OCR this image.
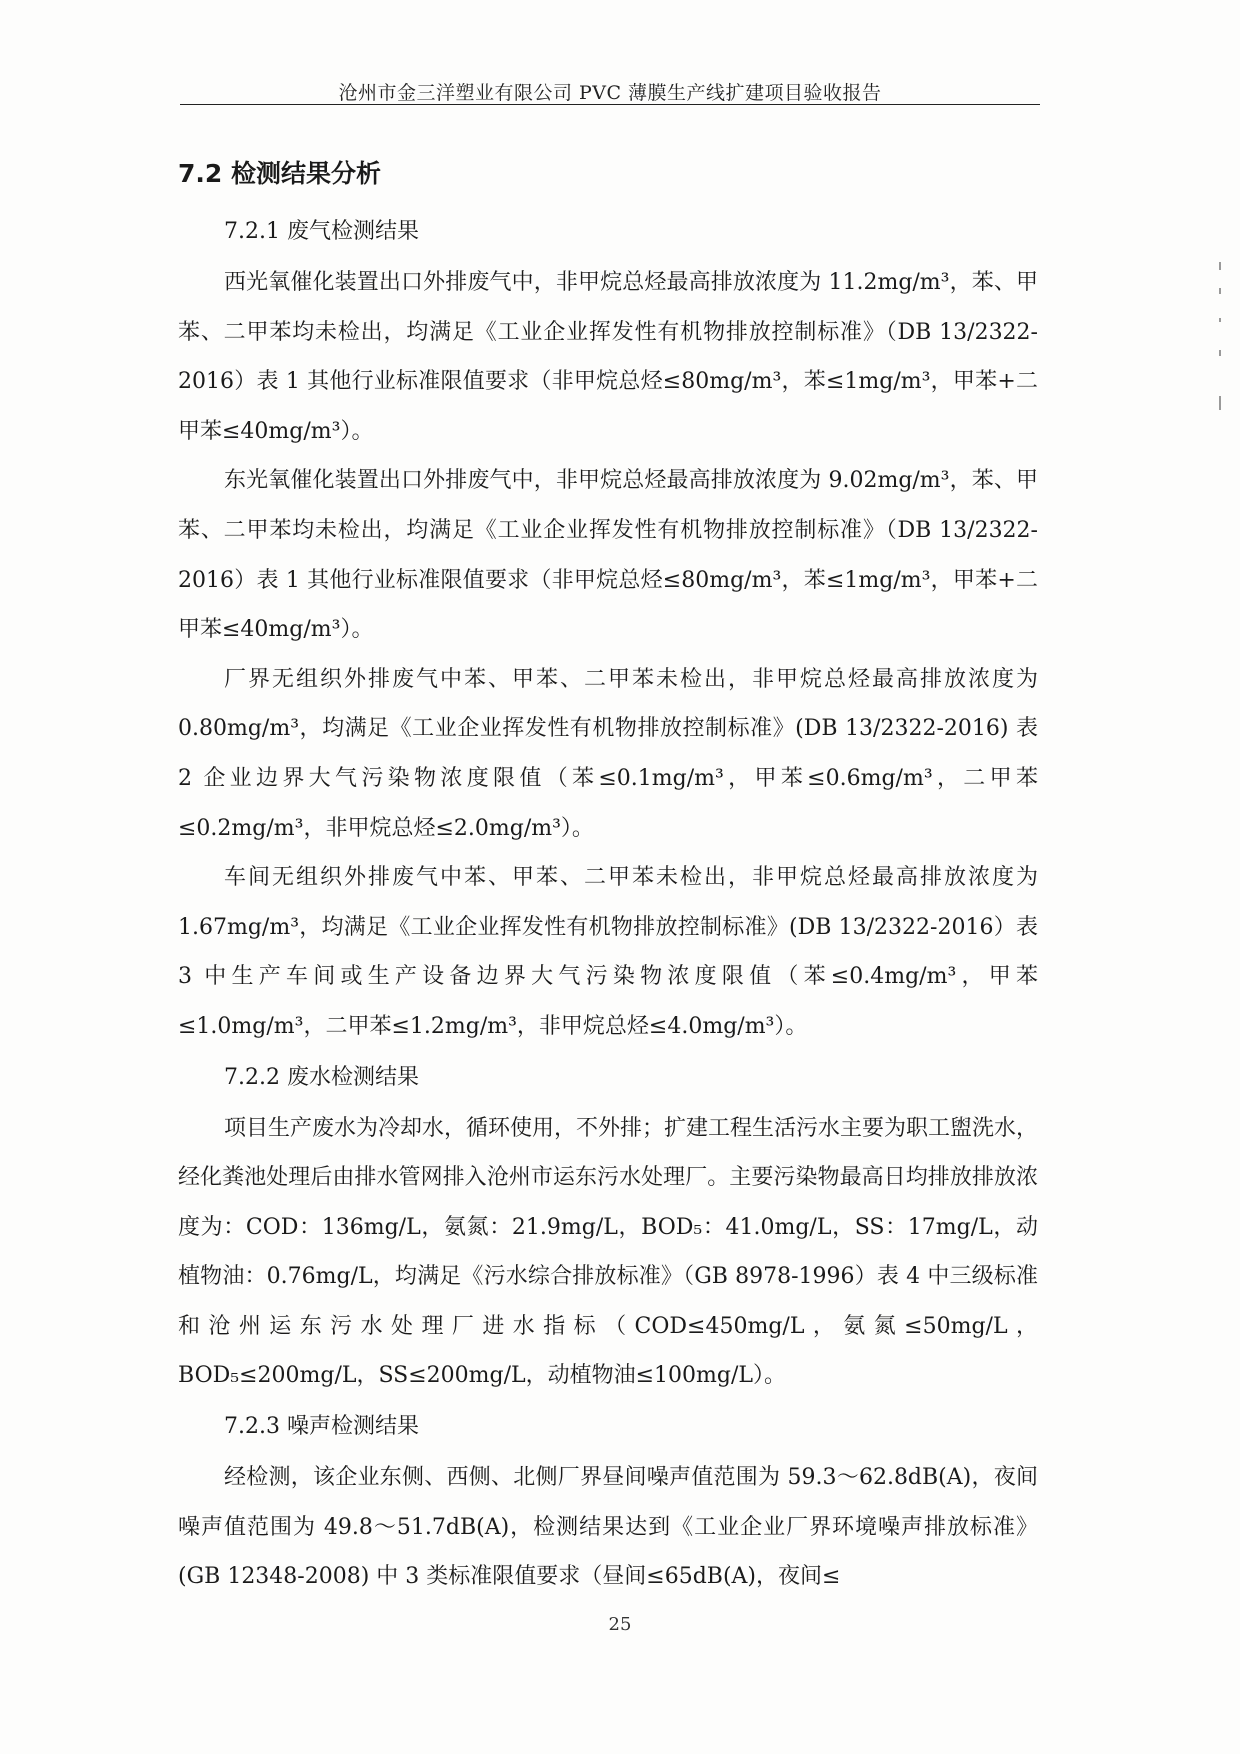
沧州市金三洋塑业有限公司 PVC 薄膜生产线扩建项目验收报告
7.2 检测结果分析
7.2.1 废气检测结果

西光氧催化装置出口外排废气中，非甲烷总烃最高排放浓度为 11.2mg/m³，苯、甲苯、二甲苯均未检出，均满足《工业企业挥发性有机物排放控制标准》（DB 13/2322-2016）表 1 其他行业标准限值要求（非甲烷总烃≤80mg/m³，苯≤1mg/m³，甲苯+二甲苯≤40mg/m³）。

东光氧催化装置出口外排废气中，非甲烷总烃最高排放浓度为 9.02mg/m³，苯、甲苯、二甲苯均未检出，均满足《工业企业挥发性有机物排放控制标准》（DB 13/2322-2016）表 1 其他行业标准限值要求（非甲烷总烃≤80mg/m³，苯≤1mg/m³，甲苯+二甲苯≤40mg/m³）。

厂界无组织外排废气中苯、甲苯、二甲苯未检出，非甲烷总烃最高排放浓度为 0.80mg/m³，均满足《工业企业挥发性有机物排放控制标准》(DB 13/2322-2016) 表 2 企业边界大气污染物浓度限值（苯≤0.1mg/m³，甲苯≤0.6mg/m³，二甲苯≤0.2mg/m³，非甲烷总烃≤2.0mg/m³）。

车间无组织外排废气中苯、甲苯、二甲苯未检出，非甲烷总烃最高排放浓度为 1.67mg/m³，均满足《工业企业挥发性有机物排放控制标准》(DB 13/2322-2016）表 3 中生产车间或生产设备边界大气污染物浓度限值（苯≤0.4mg/m³，甲苯≤1.0mg/m³，二甲苯≤1.2mg/m³，非甲烷总烃≤4.0mg/m³）。

7.2.2 废水检测结果

项目生产废水为冷却水，循环使用，不外排；扩建工程生活污水主要为职工盥洗水，经化粪池处理后由排水管网排入沧州市运东污水处理厂。主要污染物最高日均排放排放浓度为：COD：136mg/L，氨氮：21.9mg/L，BOD₅：41.0mg/L，SS：17mg/L，动植物油：0.76mg/L，均满足《污水综合排放标准》（GB 8978-1996）表 4 中三级标准和沧州运东污水处理厂进水指标（COD≤450mg/L，氨氮≤50mg/L，BOD₅≤200mg/L，SS≤200mg/L，动植物油≤100mg/L）。

7.2.3 噪声检测结果

经检测，该企业东侧、西侧、北侧厂界昼间噪声值范围为 59.3～62.8dB(A)，夜间噪声值范围为 49.8～51.7dB(A)，检测结果达到《工业企业厂界环境噪声排放标准》(GB 12348-2008) 中 3 类标准限值要求（昼间≤65dB(A)，夜间≤

25
